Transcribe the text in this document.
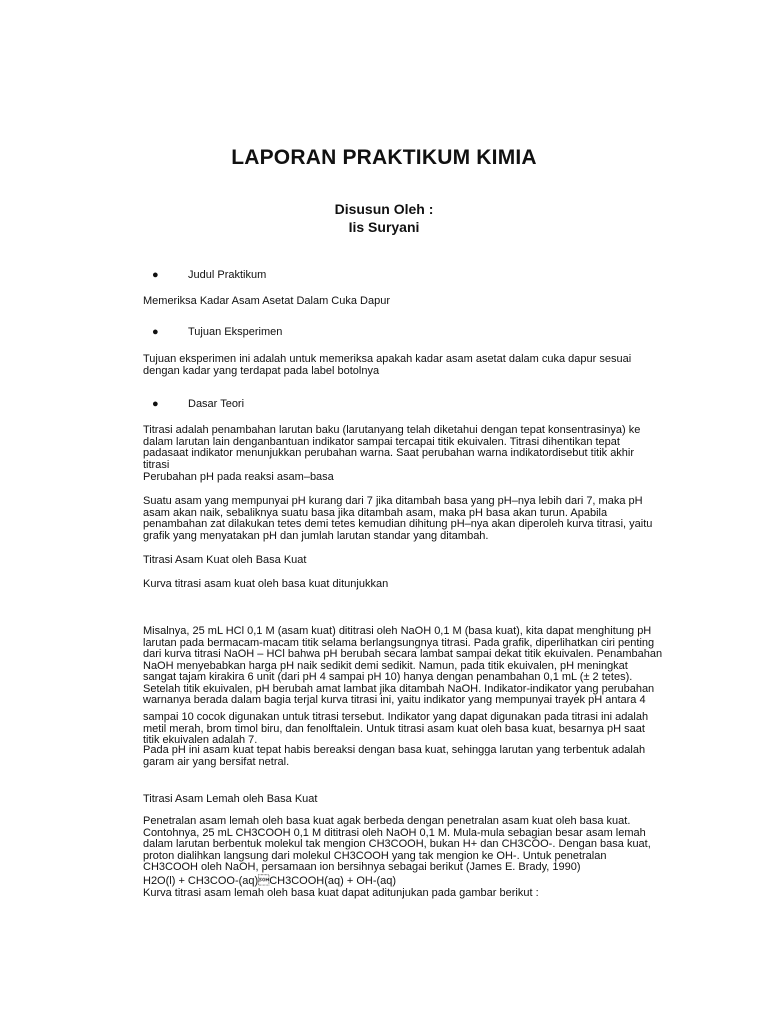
LAPORAN PRAKTIKUM KIMIA
Disusun Oleh :
Iis Suryani
●	Judul Praktikum
Memeriksa Kadar Asam Asetat Dalam Cuka Dapur
●	Tujuan Eksperimen
Tujuan eksperimen ini adalah untuk memeriksa apakah kadar asam asetat dalam cuka dapur sesuai dengan kadar yang terdapat pada label botolnya
●	Dasar Teori
Titrasi adalah penambahan larutan baku (larutanyang telah diketahui dengan tepat konsentrasinya) ke dalam larutan lain denganbantuan indikator sampai tercapai titik ekuivalen. Titrasi dihentikan tepat padasaat indikator menunjukkan perubahan warna. Saat perubahan warna indikatordisebut titik akhir titrasi
Perubahan pH pada reaksi asam–basa
Suatu asam yang mempunyai pH kurang dari 7 jika ditambah basa yang pH–nya lebih dari 7, maka pH asam akan naik, sebaliknya suatu basa jika ditambah asam, maka pH basa akan turun. Apabila penambahan zat dilakukan tetes demi tetes kemudian dihitung pH–nya akan diperoleh kurva titrasi, yaitu grafik yang menyatakan pH dan jumlah larutan standar yang ditambah.
Titrasi Asam Kuat oleh Basa Kuat
Kurva titrasi asam kuat oleh basa kuat ditunjukkan
Misalnya, 25 mL HCl 0,1 M (asam kuat) dititrasi oleh NaOH 0,1 M (basa kuat), kita dapat menghitung pH larutan pada bermacam-macam titik selama berlangsungnya titrasi. Pada grafik, diperlihatkan ciri penting dari kurva titrasi NaOH – HCl bahwa pH berubah secara lambat sampai dekat titik ekuivalen. Penambahan NaOH menyebabkan harga pH naik sedikit demi sedikit. Namun, pada titik ekuivalen, pH meningkat sangat tajam kirakira 6 unit (dari pH 4 sampai pH 10) hanya dengan penambahan 0,1 mL (± 2 tetes). Setelah titik ekuivalen, pH berubah amat lambat jika ditambah NaOH. Indikator-indikator yang perubahan warnanya berada dalam bagia terjal kurva titrasi ini, yaitu indikator yang mempunyai trayek pH antara 4
sampai 10 cocok digunakan untuk titrasi tersebut. Indikator yang dapat digunakan pada titrasi ini adalah metil merah, brom timol biru, dan fenolftalein. Untuk titrasi asam kuat oleh basa kuat, besarnya pH saat titik ekuivalen adalah 7.
Pada pH ini asam kuat tepat habis bereaksi dengan basa kuat, sehingga larutan yang terbentuk adalah garam air yang bersifat netral.
Titrasi Asam Lemah oleh Basa Kuat
Penetralan asam lemah oleh basa kuat agak berbeda dengan penetralan asam kuat oleh basa kuat. Contohnya, 25 mL CH3COOH 0,1 M dititrasi oleh NaOH 0,1 M. Mula-mula sebagian besar asam lemah dalam larutan berbentuk molekul tak mengion CH3COOH, bukan H+ dan CH3COO-. Dengan basa kuat, proton dialihkan langsung dari molekul CH3COOH yang tak mengion ke OH-. Untuk penetralan CH3COOH oleh NaOH, persamaan ion bersihnya sebagai berikut (James E. Brady, 1990)
H2O(l) + CH3COO-(aq)CH3COOH(aq) + OH-(aq)
Kurva titrasi asam lemah oleh basa kuat dapat aditunjukan pada gambar berikut :
